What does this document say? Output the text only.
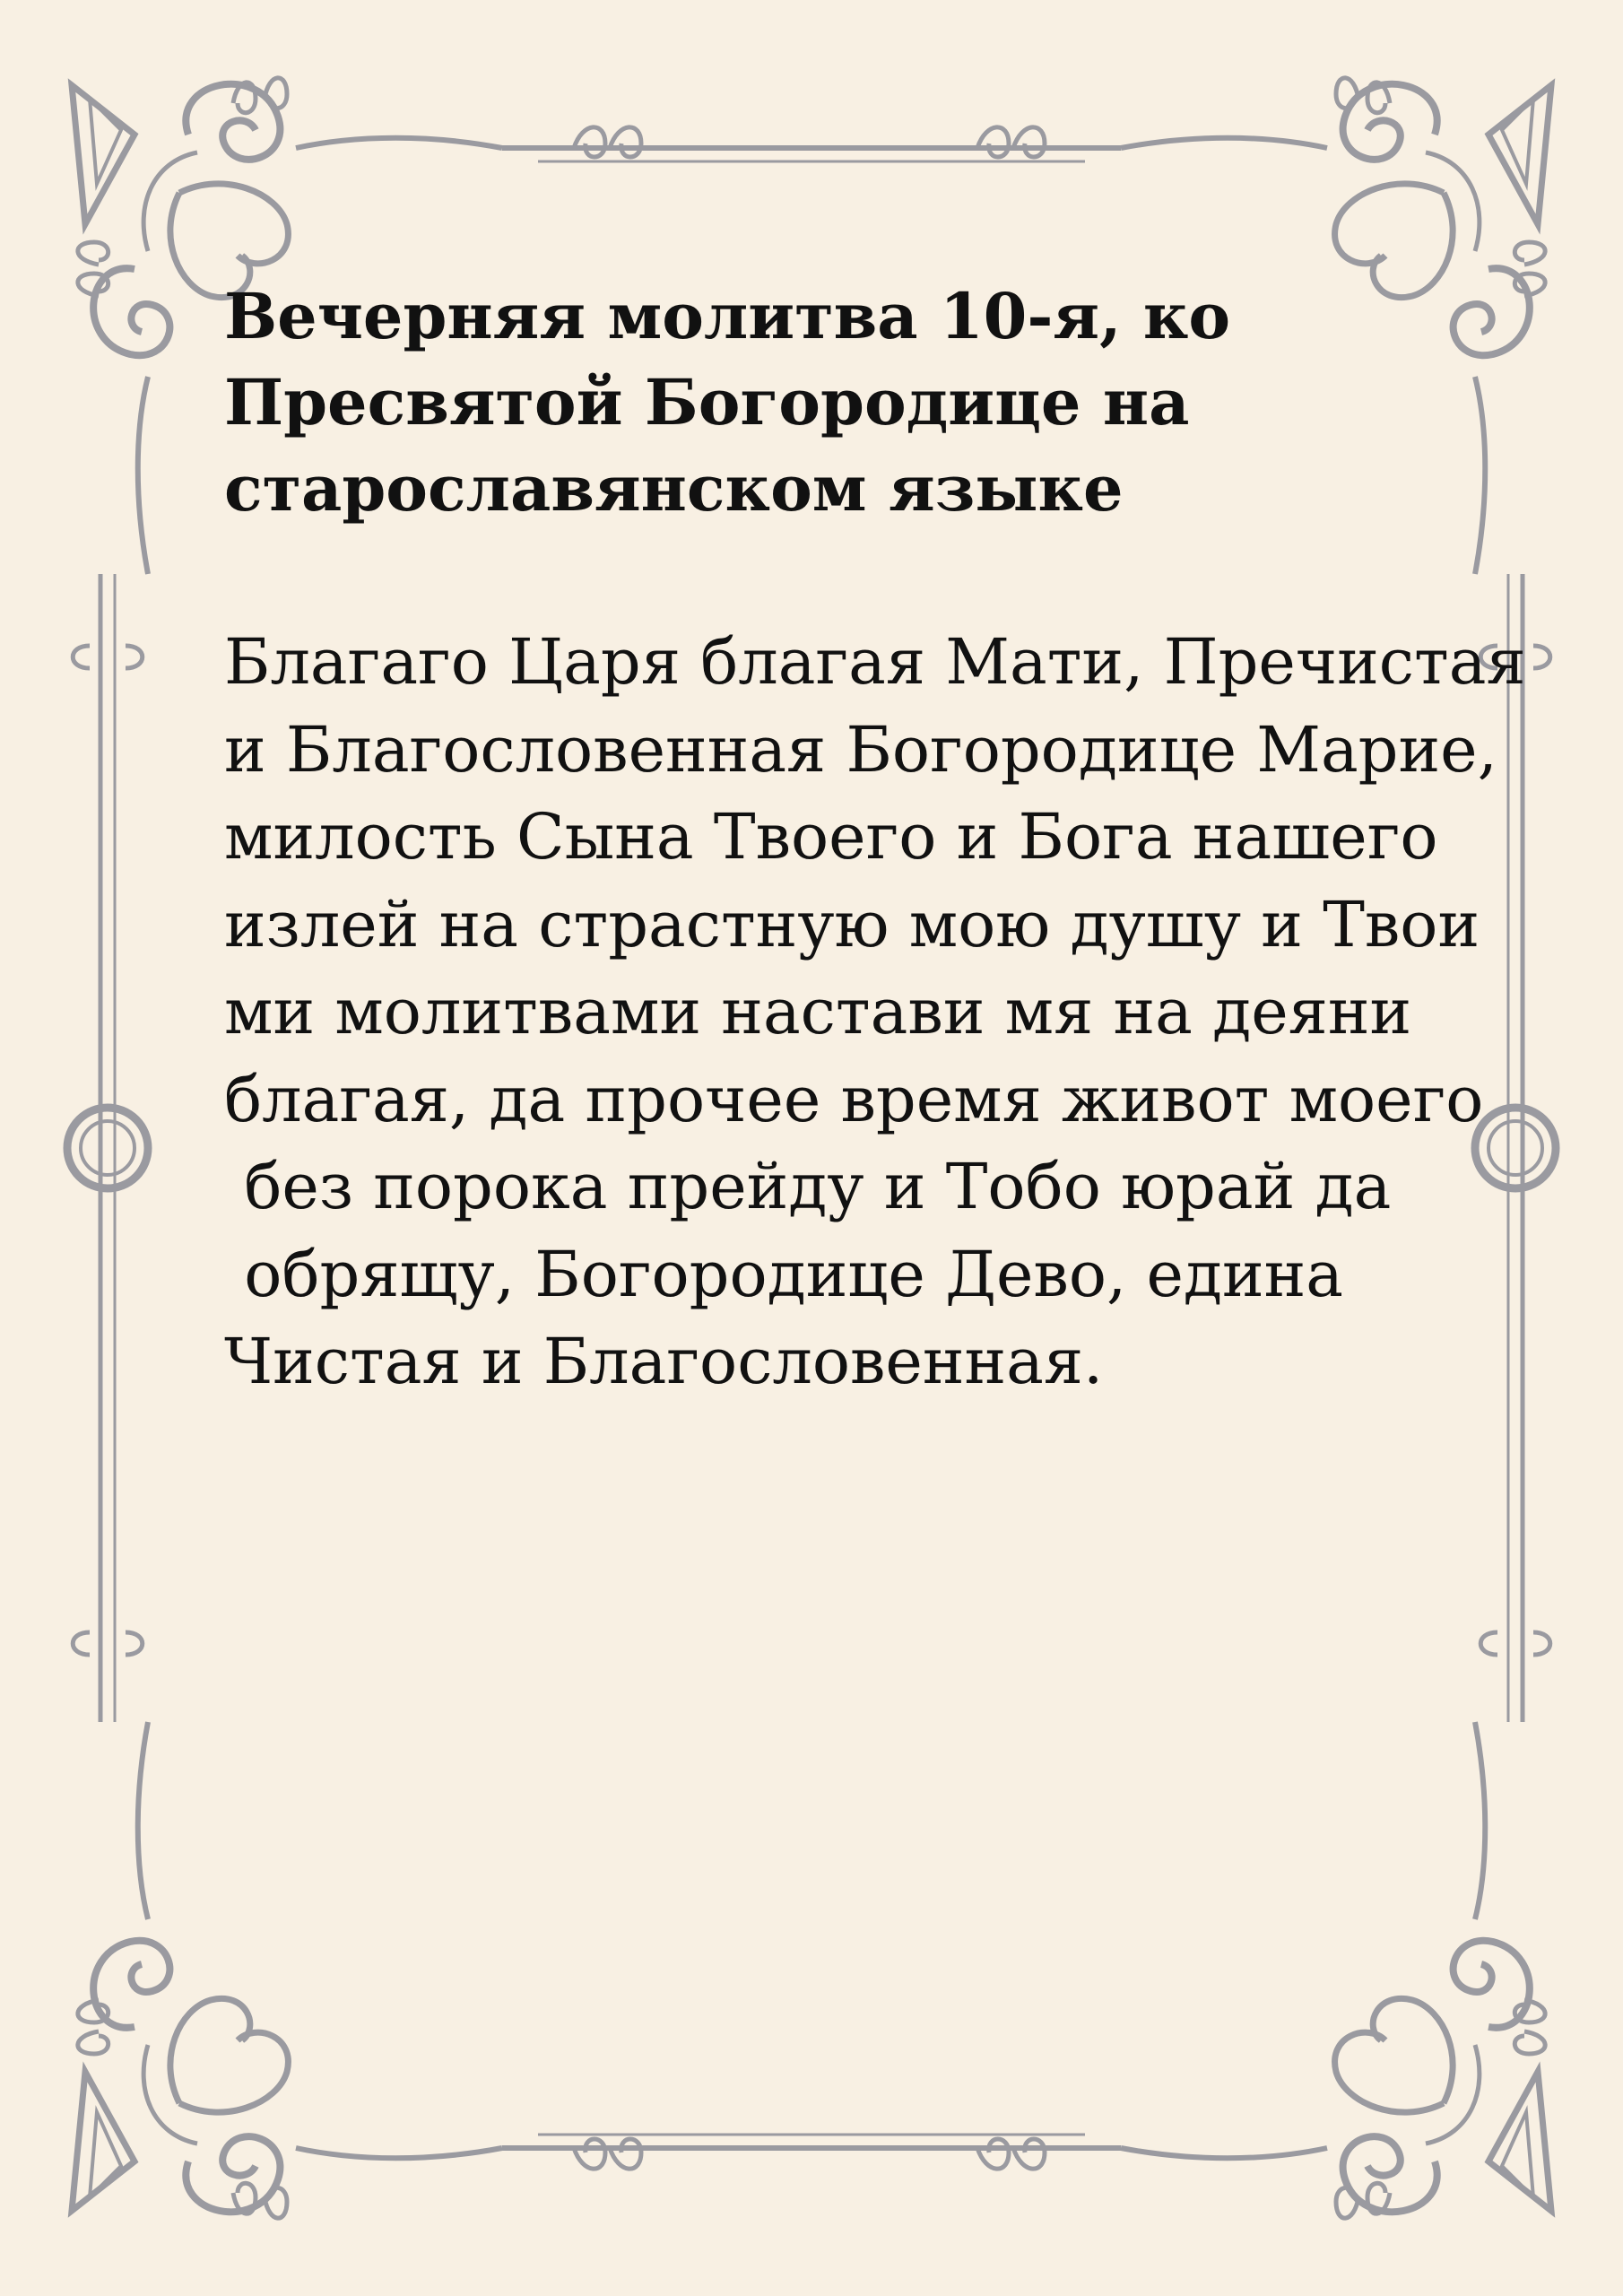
Вечерняя молитва 10-я, ко
Пресвятой Богородице на
старославянском языке
Благаго Царя благая Мати, Пречистая
и Благословенная Богородице Марие,
милость Сына Твоего и Бога нашего
излей на страстную мою душу и Твои
ми молитвами настави мя на деяни
благая, да прочее время живот моего
без порока прейду и Тобо юрай да
обрящу, Богородице Дево, едина
Чистая и Благословенная.
